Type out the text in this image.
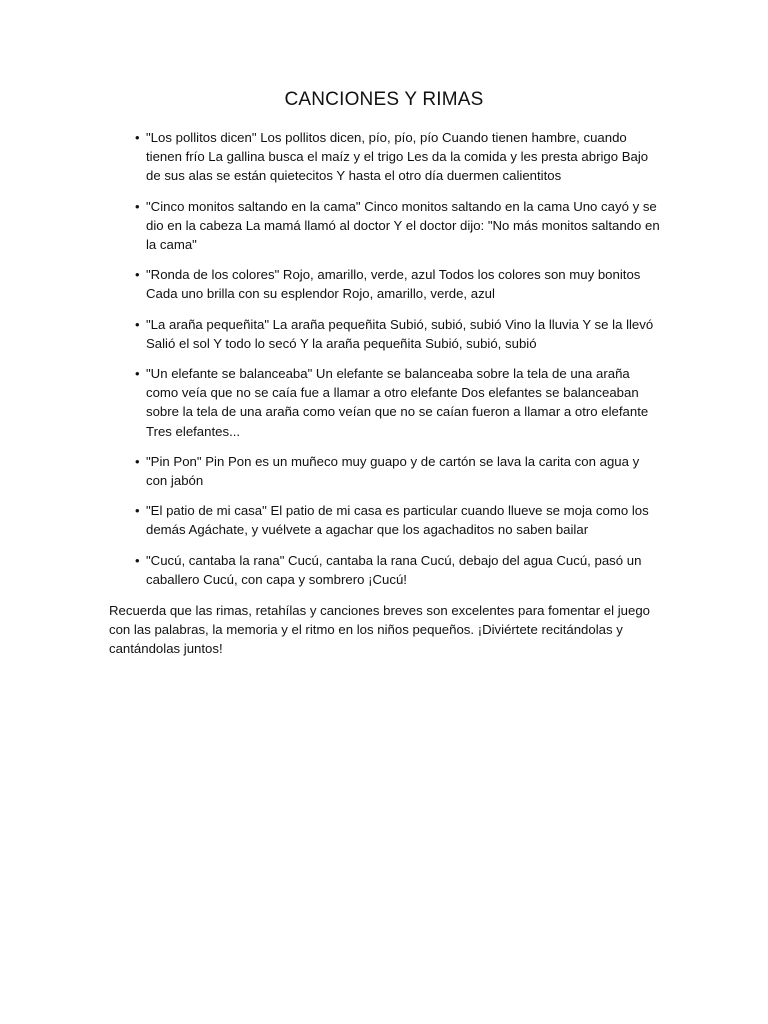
CANCIONES Y RIMAS
• "Los pollitos dicen" Los pollitos dicen, pío, pío, pío Cuando tienen hambre, cuando tienen frío La gallina busca el maíz y el trigo Les da la comida y les presta abrigo Bajo de sus alas se están quietecitos Y hasta el otro día duermen calientitos
• "Cinco monitos saltando en la cama" Cinco monitos saltando en la cama Uno cayó y se dio en la cabeza La mamá llamó al doctor Y el doctor dijo: "No más monitos saltando en la cama"
• "Ronda de los colores" Rojo, amarillo, verde, azul Todos los colores son muy bonitos Cada uno brilla con su esplendor Rojo, amarillo, verde, azul
• "La araña pequeñita" La araña pequeñita Subió, subió, subió Vino la lluvia Y se la llevó Salió el sol Y todo lo secó Y la araña pequeñita Subió, subió, subió
• "Un elefante se balanceaba" Un elefante se balanceaba sobre la tela de una araña como veía que no se caía fue a llamar a otro elefante Dos elefantes se balanceaban sobre la tela de una araña como veían que no se caían fueron a llamar a otro elefante Tres elefantes...
• "Pin Pon" Pin Pon es un muñeco muy guapo y de cartón se lava la carita con agua y con jabón
• "El patio de mi casa" El patio de mi casa es particular cuando llueve se moja como los demás Agáchate, y vuélvete a agachar que los agachaditos no saben bailar
• "Cucú, cantaba la rana" Cucú, cantaba la rana Cucú, debajo del agua Cucú, pasó un caballero Cucú, con capa y sombrero ¡Cucú!

Recuerda que las rimas, retahílas y canciones breves son excelentes para fomentar el juego con las palabras, la memoria y el ritmo en los niños pequeños. ¡Diviértete recitándolas y cantándolas juntos!
